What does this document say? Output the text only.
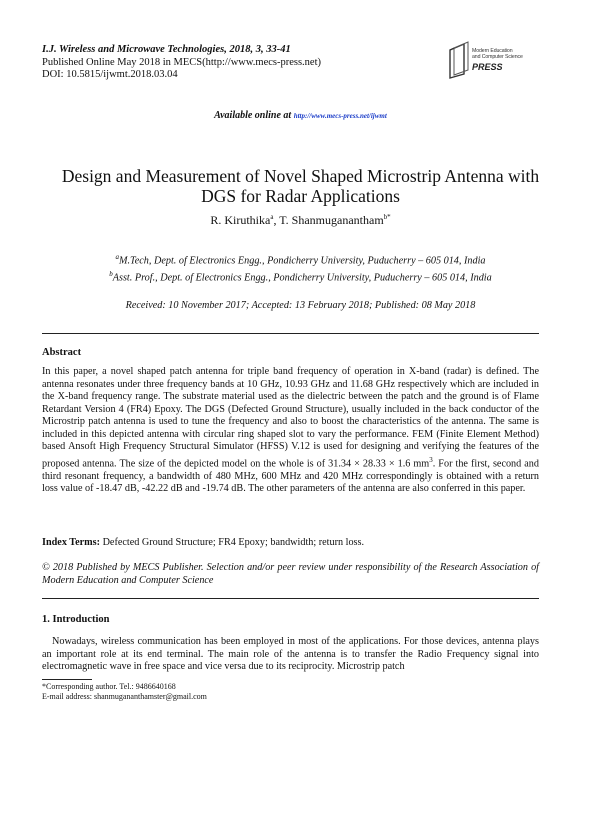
I.J. Wireless and Microwave Technologies, 2018, 3, 33-41
Published Online May 2018 in MECS(http://www.mecs-press.net)
DOI: 10.5815/ijwmt.2018.03.04
Modern Education
and Computer Science
PRESS
Available online at http://www.mecs-press.net/ijwmt
Design and Measurement of Novel Shaped Microstrip Antenna with
DGS for Radar Applications
R. Kiruthika$^a$, T. Shanmuganantham$^{b*}$
$^a$M.Tech, Dept. of Electronics Engg., Pondicherry University, Puducherry – 605 014, India
$^b$Asst. Prof., Dept. of Electronics Engg., Pondicherry University, Puducherry – 605 014, India
Received: 10 November 2017; Accepted: 13 February 2018; Published: 08 May 2018
Abstract
In this paper, a novel shaped patch antenna for triple band frequency of operation in X-band (radar) is defined. The antenna resonates under three frequency bands at 10 GHz, 10.93 GHz and 11.68 GHz respectively which are included in the X-band frequency range. The substrate material used as the dielectric between the patch and the ground is of Flame Retardant Version 4 (FR4) Epoxy. The DGS (Defected Ground Structure), usually included in the back conductor of the Microstrip patch antenna is used to tune the frequency and also to boost the characteristics of the antenna. The same is included in this depicted antenna with circular ring shaped slot to vary the performance. FEM (Finite Element Method) based Ansoft High Frequency Structural Simulator (HFSS) V.12 is used for designing and verifying the features of the proposed antenna. The size of the depicted model on the whole is of 31.34 × 28.33 × 1.6 $mm^3$. For the first, second and third resonant frequency, a bandwidth of 480 MHz, 600 MHz and 420 MHz correspondingly is obtained with a return loss value of -18.47 dB, -42.22 dB and -19.74 dB. The other parameters of the antenna are also conferred in this paper.
Index Terms: Defected Ground Structure; FR4 Epoxy; bandwidth; return loss.
© 2018 Published by MECS Publisher. Selection and/or peer review under responsibility of the Research Association of Modern Education and Computer Science
1. Introduction
Nowadays, wireless communication has been employed in most of the applications. For those devices, antenna plays an important role at its end terminal. The main role of the antenna is to transfer the Radio Frequency signal into electromagnetic wave in free space and vice versa due to its reciprocity. Microstrip patch
*Corresponding author. Tel.: 9486640168
E-mail address: shanmugananthamster@gmail.com
